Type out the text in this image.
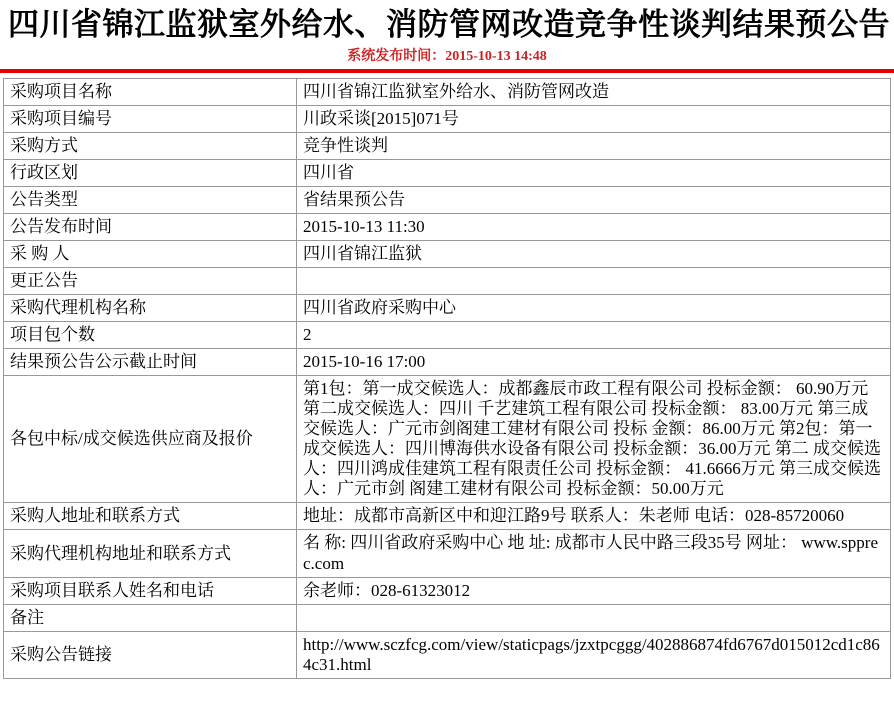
四川省锦江监狱室外给水、消防管网改造竞争性谈判结果预公告
系统发布时间：2015-10-13 14:48
采购项目名称	四川省锦江监狱室外给水、消防管网改造
采购项目编号	川政采谈[2015]071号
采购方式	竞争性谈判
行政区划	四川省
公告类型	省结果预公告
公告发布时间	2015-10-13 11:30
采 购 人	四川省锦江监狱
更正公告	
采购代理机构名称	四川省政府采购中心
项目包个数	2
结果预公告公示截止时间	2015-10-16 17:00
各包中标/成交候选供应商及报价	第1包：第一成交候选人：成都鑫辰市政工程有限公司 投标金额： 60.90万元 第二成交候选人：四川 千艺建筑工程有限公司 投标金额： 83.00万元 第三成交候选人：广元市剑阁建工建材有限公司 投标 金额：86.00万元 第2包：第一成交候选人：四川博海供水设备有限公司 投标金额：36.00万元 第二 成交候选人：四川鸿成佳建筑工程有限责任公司 投标金额： 41.6666万元 第三成交候选人：广元市剑 阁建工建材有限公司 投标金额：50.00万元
采购人地址和联系方式	地址：成都市高新区中和迎江路9号 联系人：朱老师 电话：028-85720060
采购代理机构地址和联系方式	名 称: 四川省政府采购中心 地 址: 成都市人民中路三段35号 网址： www.spprec.com
采购项目联系人姓名和电话	余老师：028-61323012
备注	
采购公告链接	http://www.sczfcg.com/view/staticpags/jzxtpcggg/402886874fd6767d015012cd1c864c31.html
